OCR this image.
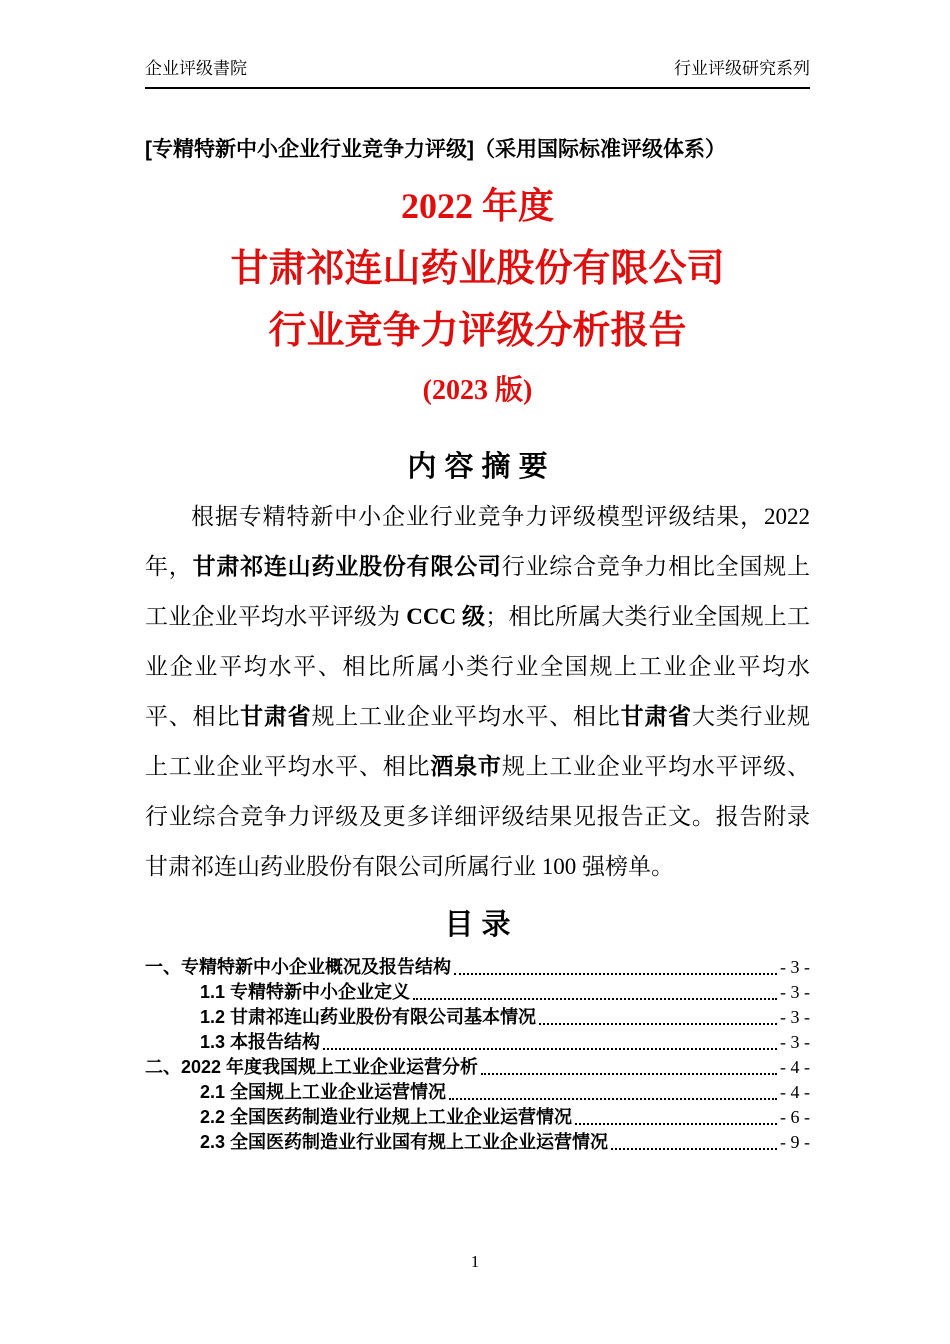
企业评级書院	行业评级研究系列
[专精特新中小企业行业竞争力评级]（采用国际标准评级体系）
2022 年度
甘肃祁连山药业股份有限公司
行业竞争力评级分析报告
(2023 版)
内 容 摘 要

根据专精特新中小企业行业竞争力评级模型评级结果，2022 年，甘肃祁连山药业股份有限公司行业综合竞争力相比全国规上工业企业平均水平评级为 CCC 级；相比所属大类行业全国规上工业企业平均水平、相比所属小类行业全国规上工业企业平均水平、相比甘肃省规上工业企业平均水平、相比甘肃省大类行业规上工业企业平均水平、相比酒泉市规上工业企业平均水平评级、行业综合竞争力评级及更多详细评级结果见报告正文。报告附录甘肃祁连山药业股份有限公司所属行业 100 强榜单。

目 录
一、专精特新中小企业概况及报告结构	- 3 -
1.1 专精特新中小企业定义	- 3 -
1.2 甘肃祁连山药业股份有限公司基本情况	- 3 -
1.3 本报告结构	- 3 -
二、2022 年度我国规上工业企业运营分析	- 4 -
2.1 全国规上工业企业运营情况	- 4 -
2.2 全国医药制造业行业规上工业企业运营情况	- 6 -
2.3 全国医药制造业行业国有规上工业企业运营情况	- 9 -
1
